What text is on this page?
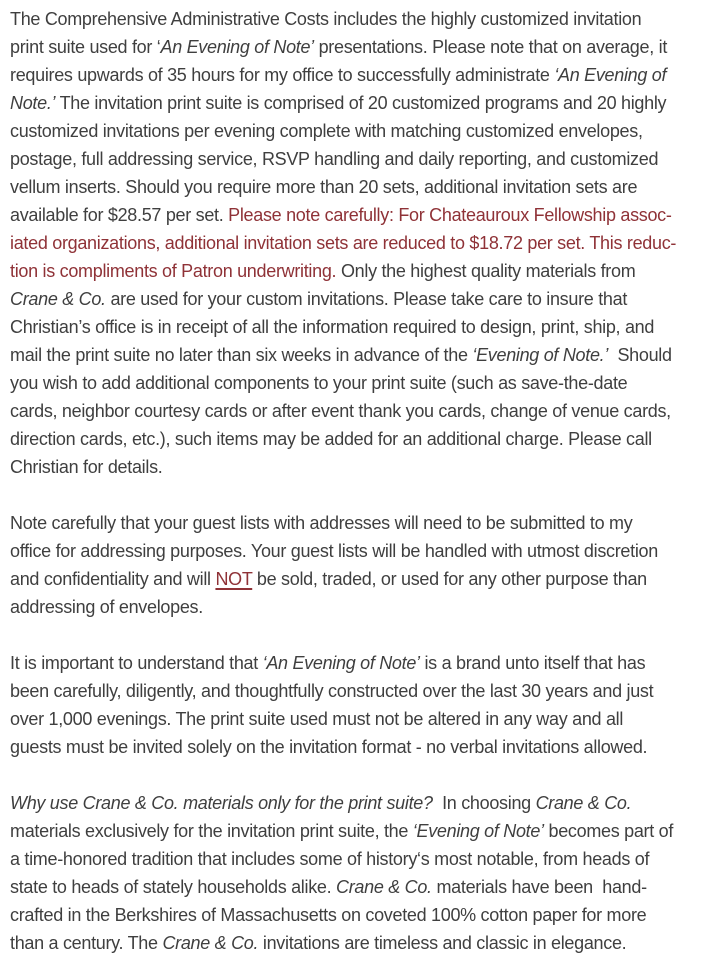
The Comprehensive Administrative Costs includes the highly customized invitation
print suite used for ‘An Evening of Note’ presentations. Please note that on average, it
requires upwards of 35 hours for my office to successfully administrate ‘An Evening of
Note.’ The invitation print suite is comprised of 20 customized programs and 20 highly
customized invitations per evening complete with matching customized envelopes,
postage, full addressing service, RSVP handling and daily reporting, and customized
vellum inserts. Should you require more than 20 sets, additional invitation sets are
available for $28.57 per set. Please note carefully: For Chateauroux Fellowship assoc-
iated organizations, additional invitation sets are reduced to $18.72 per set. This reduc-
tion is compliments of Patron underwriting. Only the highest quality materials from
Crane & Co. are used for your custom invitations. Please take care to insure that
Christian’s office is in receipt of all the information required to design, print, ship, and
mail the print suite no later than six weeks in advance of the ‘Evening of Note.’  Should
you wish to add additional components to your print suite (such as save-the-date
cards, neighbor courtesy cards or after event thank you cards, change of venue cards,
direction cards, etc.), such items may be added for an additional charge. Please call
Christian for details.

Note carefully that your guest lists with addresses will need to be submitted to my
office for addressing purposes. Your guest lists will be handled with utmost discretion
and confidentiality and will NOT be sold, traded, or used for any other purpose than
addressing of envelopes.

It is important to understand that ‘An Evening of Note’ is a brand unto itself that has
been carefully, diligently, and thoughtfully constructed over the last 30 years and just
over 1,000 evenings. The print suite used must not be altered in any way and all
guests must be invited solely on the invitation format - no verbal invitations allowed.

Why use Crane & Co. materials only for the print suite?  In choosing Crane & Co.
materials exclusively for the invitation print suite, the ‘Evening of Note’ becomes part of
a time-honored tradition that includes some of history‘s most notable, from heads of
state to heads of stately households alike. Crane & Co. materials have been  hand-
crafted in the Berkshires of Massachusetts on coveted 100% cotton paper for more
than a century. The Crane & Co. invitations are timeless and classic in elegance.
